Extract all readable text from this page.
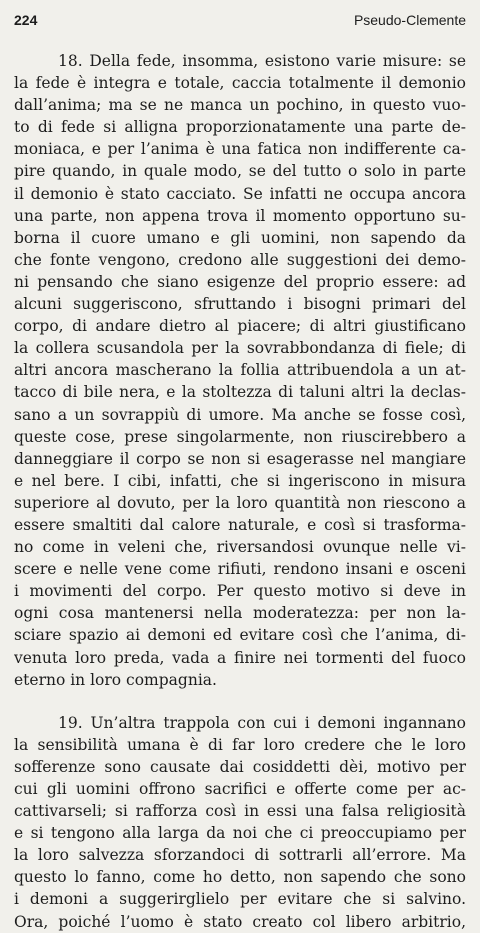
224	Pseudo-Clemente
18. Della fede, insomma, esistono varie misure: se
la fede è integra e totale, caccia totalmente il demonio
dall’anima; ma se ne manca un pochino, in questo vuo-
to di fede si alligna proporzionatamente una parte de-
moniaca, e per l’anima è una fatica non indifferente ca-
pire quando, in quale modo, se del tutto o solo in parte
il demonio è stato cacciato. Se infatti ne occupa ancora
una parte, non appena trova il momento opportuno su-
borna il cuore umano e gli uomini, non sapendo da
che fonte vengono, credono alle suggestioni dei demo-
ni pensando che siano esigenze del proprio essere: ad
alcuni suggeriscono, sfruttando i bisogni primari del
corpo, di andare dietro al piacere; di altri giustificano
la collera scusandola per la sovrabbondanza di fiele; di
altri ancora mascherano la follia attribuendola a un at-
tacco di bile nera, e la stoltezza di taluni altri la declas-
sano a un sovrappiù di umore. Ma anche se fosse così,
queste cose, prese singolarmente, non riuscirebbero a
danneggiare il corpo se non si esagerasse nel mangiare
e nel bere. I cibi, infatti, che si ingeriscono in misura
superiore al dovuto, per la loro quantità non riescono a
essere smaltiti dal calore naturale, e così si trasforma-
no come in veleni che, riversandosi ovunque nelle vi-
scere e nelle vene come rifiuti, rendono insani e osceni
i movimenti del corpo. Per questo motivo si deve in
ogni cosa mantenersi nella moderatezza: per non la-
sciare spazio ai demoni ed evitare così che l’anima, di-
venuta loro preda, vada a finire nei tormenti del fuoco
eterno in loro compagnia.
19. Un’altra trappola con cui i demoni ingannano
la sensibilità umana è di far loro credere che le loro
sofferenze sono causate dai cosiddetti dèi, motivo per
cui gli uomini offrono sacrifici e offerte come per ac-
cattivarseli; si rafforza così in essi una falsa religiosità
e si tengono alla larga da noi che ci preoccupiamo per
la loro salvezza sforzandoci di sottrarli all’errore. Ma
questo lo fanno, come ho detto, non sapendo che sono
i demoni a suggerirglielo per evitare che si salvino.
Ora, poiché l’uomo è stato creato col libero arbitrio,
